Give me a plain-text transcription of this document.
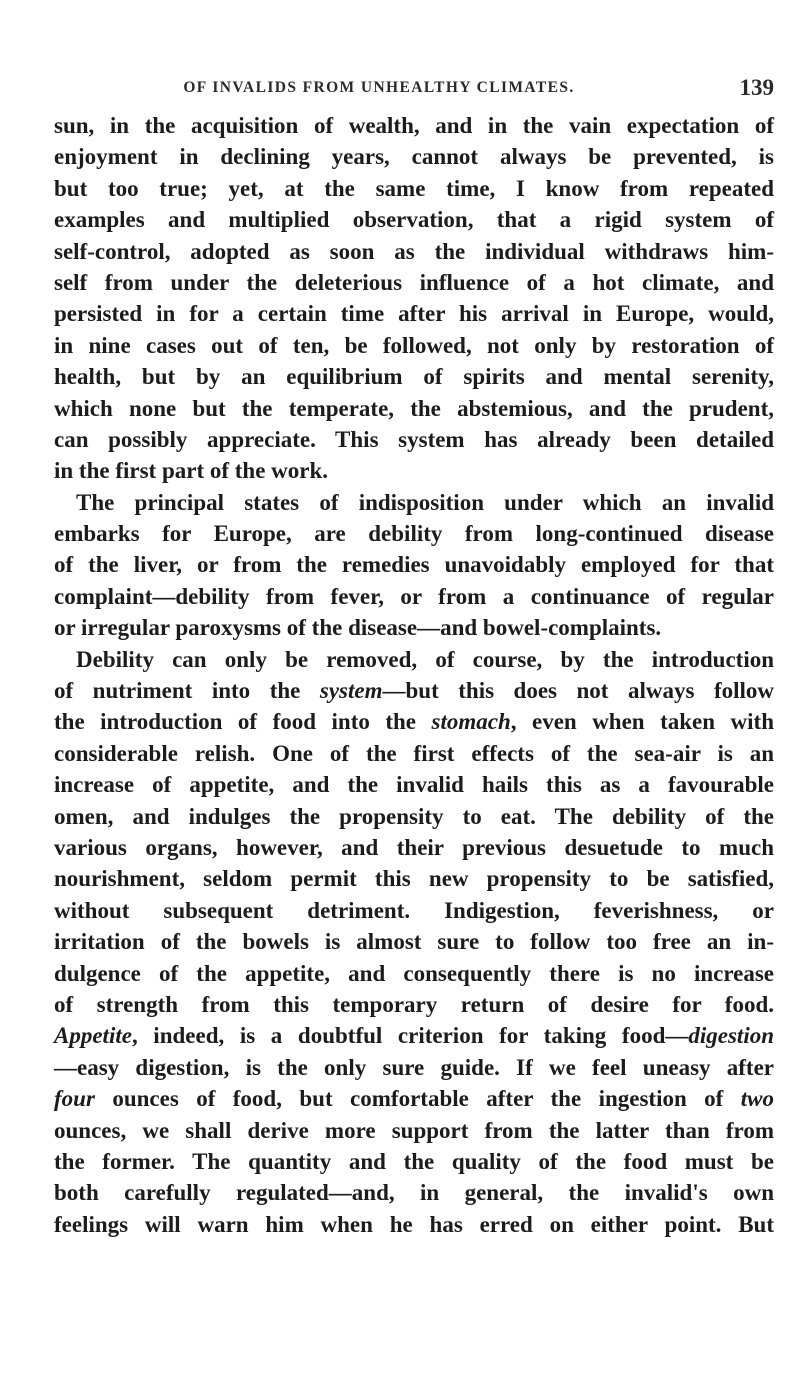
OF INVALIDS FROM UNHEALTHY CLIMATES.	139
sun, in the acquisition of wealth, and in the vain expectation of
enjoyment in declining years, cannot always be prevented, is
but too true; yet, at the same time, I know from repeated
examples and multiplied observation, that a rigid system of
self-control, adopted as soon as the individual withdraws him-
self from under the deleterious influence of a hot climate, and
persisted in for a certain time after his arrival in Europe, would,
in nine cases out of ten, be followed, not only by restoration of
health, but by an equilibrium of spirits and mental serenity,
which none but the temperate, the abstemious, and the prudent,
can possibly appreciate. This system has already been detailed
in the first part of the work.
The principal states of indisposition under which an invalid
embarks for Europe, are debility from long-continued disease
of the liver, or from the remedies unavoidably employed for that
complaint—debility from fever, or from a continuance of regular
or irregular paroxysms of the disease—and bowel-complaints.
Debility can only be removed, of course, by the introduction
of nutriment into the system—but this does not always follow
the introduction of food into the stomach, even when taken with
considerable relish. One of the first effects of the sea-air is an
increase of appetite, and the invalid hails this as a favourable
omen, and indulges the propensity to eat. The debility of the
various organs, however, and their previous desuetude to much
nourishment, seldom permit this new propensity to be satisfied,
without subsequent detriment. Indigestion, feverishness, or
irritation of the bowels is almost sure to follow too free an in-
dulgence of the appetite, and consequently there is no increase
of strength from this temporary return of desire for food.
Appetite, indeed, is a doubtful criterion for taking food—digestion
—easy digestion, is the only sure guide. If we feel uneasy after
four ounces of food, but comfortable after the ingestion of two
ounces, we shall derive more support from the latter than from
the former. The quantity and the quality of the food must be
both carefully regulated—and, in general, the invalid's own
feelings will warn him when he has erred on either point. But
